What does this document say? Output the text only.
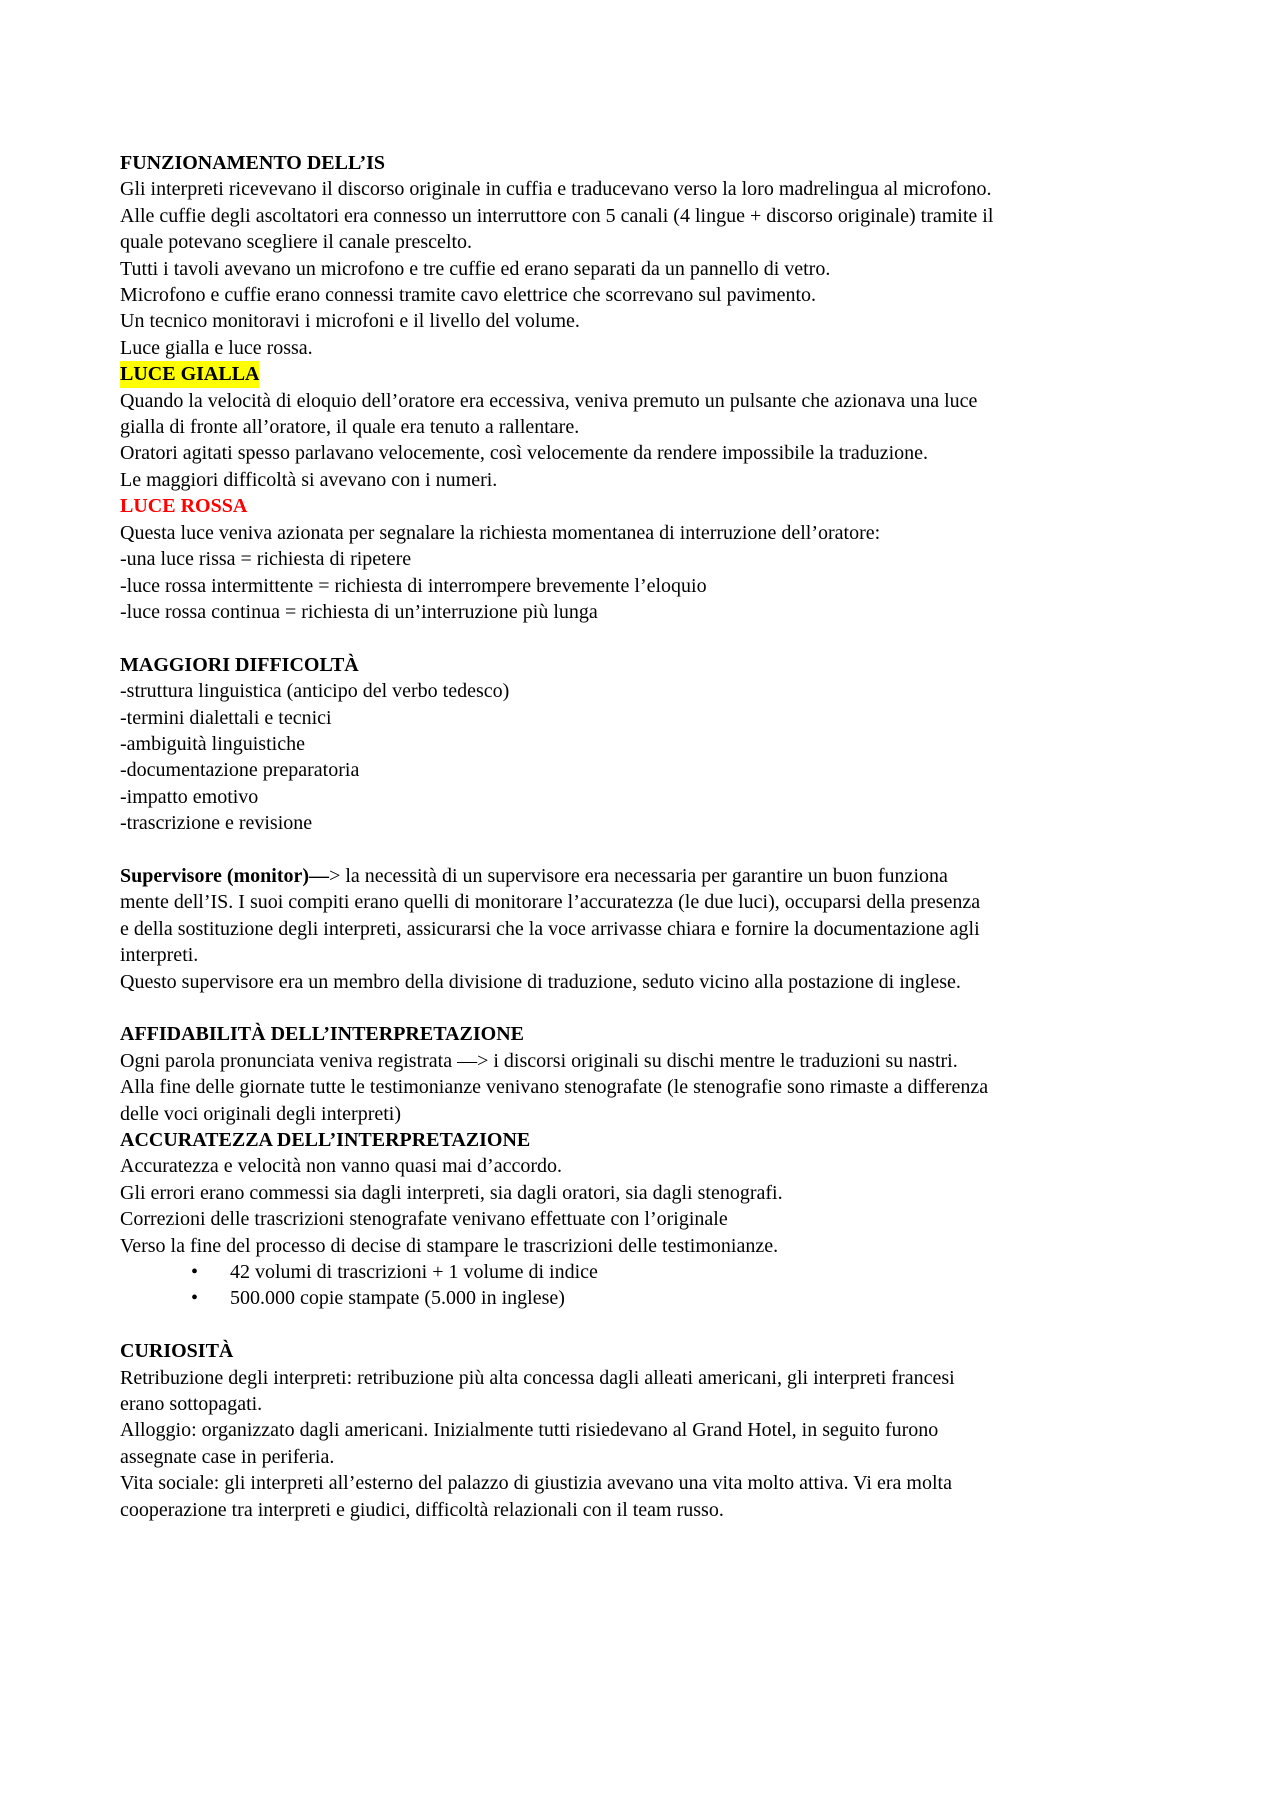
FUNZIONAMENTO DELL’IS
Gli interpreti ricevevano il discorso originale in cuffia e traducevano verso la loro madrelingua al microfono.
Alle cuffie degli ascoltatori era connesso un interruttore con 5 canali (4 lingue + discorso originale) tramite il
quale potevano scegliere il canale prescelto.
Tutti i tavoli avevano un microfono e tre cuffie ed erano separati da un pannello di vetro.
Microfono e cuffie erano connessi tramite cavo elettrice che scorrevano sul pavimento.
Un tecnico monitoravi i microfoni e il livello del volume.
Luce gialla e luce rossa.
LUCE GIALLA
Quando la velocità di eloquio dell’oratore era eccessiva, veniva premuto un pulsante che azionava una luce
gialla di fronte all’oratore, il quale era tenuto a rallentare.
Oratori agitati spesso parlavano velocemente, così velocemente da rendere impossibile la traduzione.
Le maggiori difficoltà si avevano con i numeri.
LUCE ROSSA
Questa luce veniva azionata per segnalare la richiesta momentanea di interruzione dell’oratore:
-una luce rissa = richiesta di ripetere
-luce rossa intermittente = richiesta di interrompere brevemente l’eloquio
-luce rossa continua = richiesta di un’interruzione più lunga
MAGGIORI DIFFICOLTÀ
-struttura linguistica (anticipo del verbo tedesco)
-termini dialettali e tecnici
-ambiguità linguistiche
-documentazione preparatoria
-impatto emotivo
-trascrizione e revisione
Supervisore (monitor)—> la necessità di un supervisore era necessaria per garantire un buon funziona
mente dell’IS. I suoi compiti erano quelli di monitorare l’accuratezza (le due luci), occuparsi della presenza
e della sostituzione degli interpreti, assicurarsi che la voce arrivasse chiara e fornire la documentazione agli
interpreti.
Questo supervisore era un membro della divisione di traduzione, seduto vicino alla postazione di inglese.
AFFIDABILITÀ DELL’INTERPRETAZIONE
Ogni parola pronunciata veniva registrata —> i discorsi originali su dischi mentre le traduzioni su nastri.
Alla fine delle giornate tutte le testimonianze venivano stenografate (le stenografie sono rimaste a differenza
delle voci originali degli interpreti)
ACCURATEZZA DELL’INTERPRETAZIONE
Accuratezza e velocità non vanno quasi mai d’accordo.
Gli errori erano commessi sia dagli interpreti, sia dagli oratori, sia dagli stenografi.
Correzioni delle trascrizioni stenografate venivano effettuate con l’originale
Verso la fine del processo di decise di stampare le trascrizioni delle testimonianze.
•	42 volumi di trascrizioni + 1 volume di indice
•	500.000 copie stampate (5.000 in inglese)
CURIOSITÀ
Retribuzione degli interpreti: retribuzione più alta concessa dagli alleati americani, gli interpreti francesi
erano sottopagati.
Alloggio: organizzato dagli americani. Inizialmente tutti risiedevano al Grand Hotel, in seguito furono
assegnate case in periferia.
Vita sociale: gli interpreti all’esterno del palazzo di giustizia avevano una vita molto attiva. Vi era molta
cooperazione tra interpreti e giudici, difficoltà relazionali con il team russo.
